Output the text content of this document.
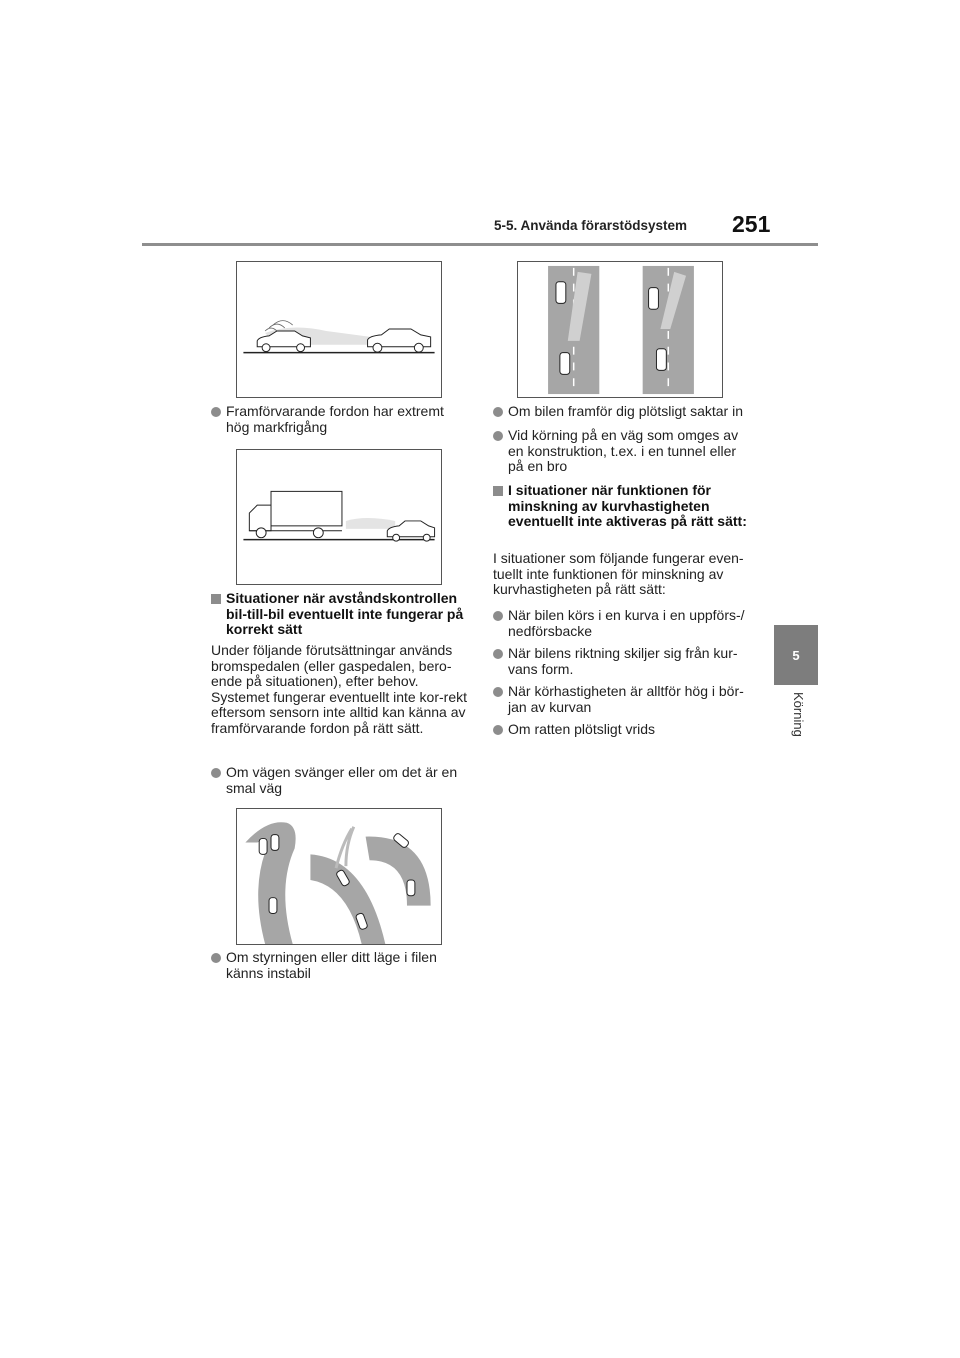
5-5. Använda förarstödsystem 251
5
Körning
Framförvarande fordon har extremt hög markfrigång
Situationer när avståndskontrollen bil-till-bil eventuellt inte fungerar på korrekt sätt
Under följande förutsättningar används bromspedalen (eller gaspedalen, bero-ende på situationen), efter behov. Systemet fungerar eventuellt inte kor-rekt eftersom sensorn inte alltid kan känna av framförvarande fordon på rätt sätt.
Om vägen svänger eller om det är en smal väg
Om styrningen eller ditt läge i filen känns instabil
Om bilen framför dig plötsligt saktar in
Vid körning på en väg som omges av en konstruktion, t.ex. i en tunnel eller på en bro
I situationer när funktionen för minskning av kurvhastigheten eventuellt inte aktiveras på rätt sätt:
I situationer som följande fungerar even-tuellt inte funktionen för minskning av kurvhastigheten på rätt sätt:
När bilen körs i en kurva i en uppförs-/ nedförsbacke
När bilens riktning skiljer sig från kur-vans form.
När körhastigheten är alltför hög i bör-jan av kurvan
Om ratten plötsligt vrids
